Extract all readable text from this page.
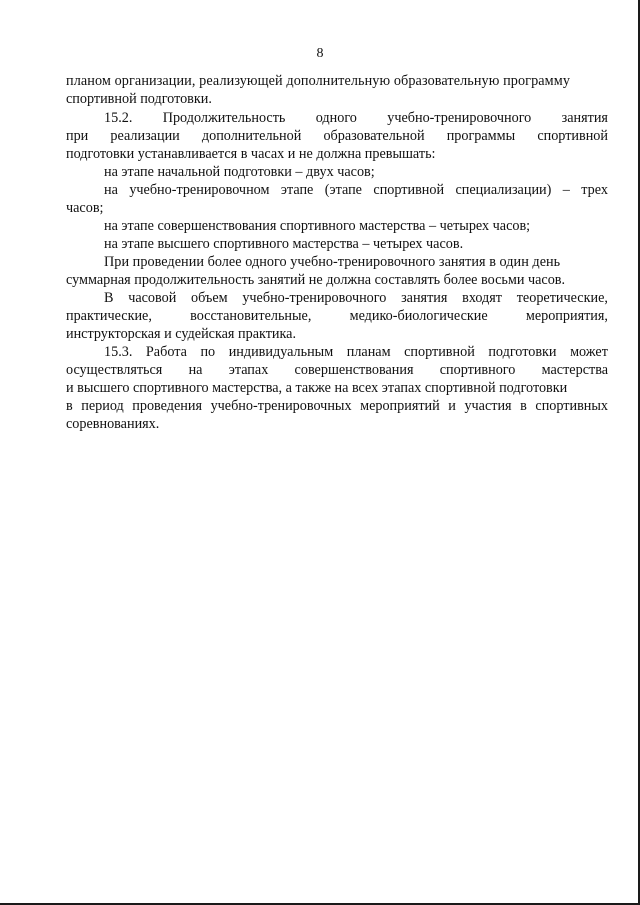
8
планом организации, реализующей дополнительную образовательную программу
спортивной подготовки.
15.2. Продолжительность одного учебно-тренировочного занятия
при реализации дополнительной образовательной программы спортивной
подготовки устанавливается в часах и не должна превышать:
на этапе начальной подготовки – двух часов;
на учебно-тренировочном этапе (этапе спортивной специализации) – трех
часов;
на этапе совершенствования спортивного мастерства – четырех часов;
на этапе высшего спортивного мастерства – четырех часов.
При проведении более одного учебно-тренировочного занятия в один день
суммарная продолжительность занятий не должна составлять более восьми часов.
В часовой объем учебно-тренировочного занятия входят теоретические,
практические,	восстановительные,	медико-биологические	мероприятия,
инструкторская и судейская практика.
15.3. Работа по индивидуальным планам спортивной подготовки может
осуществляться на этапах совершенствования спортивного мастерства
и высшего спортивного мастерства, а также на всех этапах спортивной подготовки
в период проведения учебно-тренировочных мероприятий и участия в спортивных
соревнованиях.
